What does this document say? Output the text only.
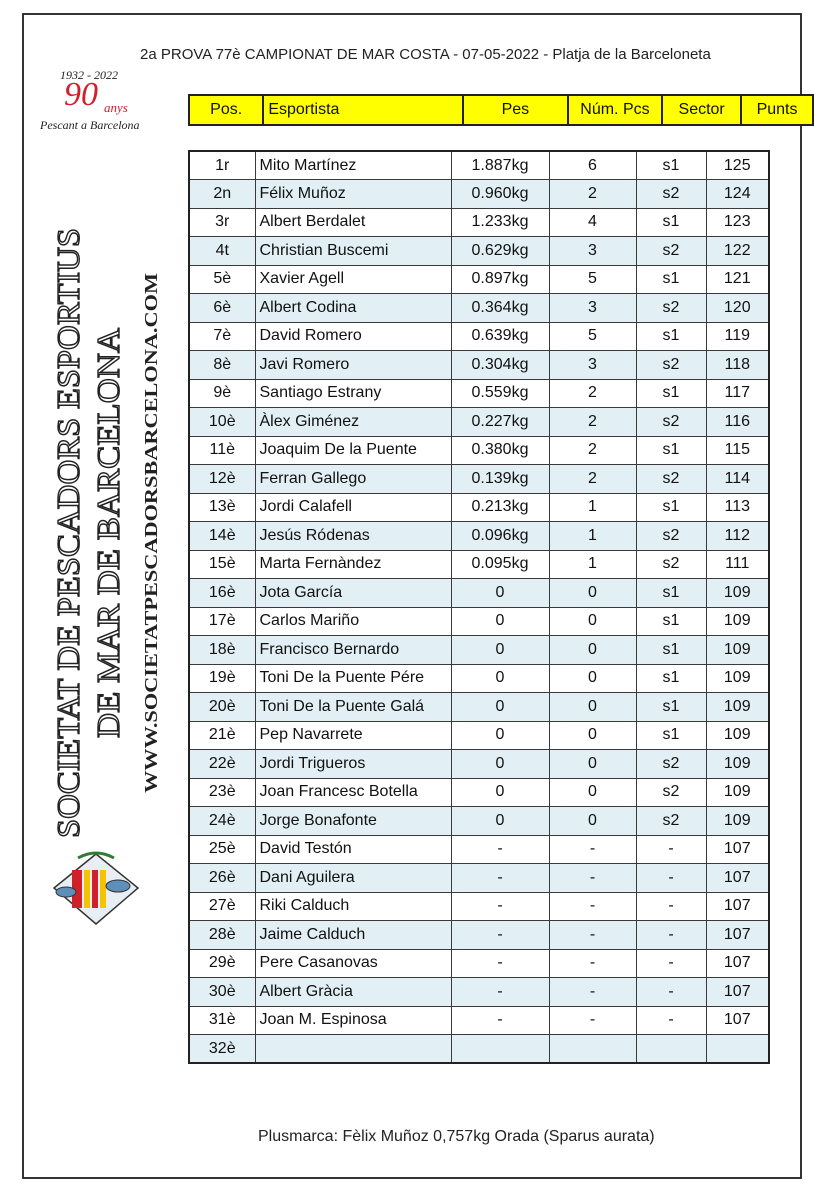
2a PROVA 77è CAMPIONAT DE MAR COSTA - 07-05-2022 - Platja de la Barceloneta
1932 - 2022
90 anys
Pescant a Barcelona
SOCIETAT DE PESCADORS ESPORTIUS DE MAR DE BARCELONA WWW.SOCIETATPESCADORSBARCELONA.COM
Pos.	Esportista	Pes	Núm. Pcs	Sector	Punts
1r	Mito Martínez	1.887kg	6	s1	125
2n	Félix Muñoz	0.960kg	2	s2	124
3r	Albert Berdalet	1.233kg	4	s1	123
4t	Christian Buscemi	0.629kg	3	s2	122
5è	Xavier Agell	0.897kg	5	s1	121
6è	Albert Codina	0.364kg	3	s2	120
7è	David Romero	0.639kg	5	s1	119
8è	Javi Romero	0.304kg	3	s2	118
9è	Santiago Estrany	0.559kg	2	s1	117
10è	Àlex Giménez	0.227kg	2	s2	116
11è	Joaquim De la Puente	0.380kg	2	s1	115
12è	Ferran Gallego	0.139kg	2	s2	114
13è	Jordi Calafell	0.213kg	1	s1	113
14è	Jesús Ródenas	0.096kg	1	s2	112
15è	Marta Fernàndez	0.095kg	1	s2	111
16è	Jota García	0	0	s1	109
17è	Carlos Mariño	0	0	s1	109
18è	Francisco Bernardo	0	0	s1	109
19è	Toni De la Puente Pére	0	0	s1	109
20è	Toni De la Puente Galá	0	0	s1	109
21è	Pep Navarrete	0	0	s1	109
22è	Jordi Trigueros	0	0	s2	109
23è	Joan Francesc Botella	0	0	s2	109
24è	Jorge Bonafonte	0	0	s2	109
25è	David Testón	-	-	-	107
26è	Dani Aguilera	-	-	-	107
27è	Riki Calduch	-	-	-	107
28è	Jaime Calduch	-	-	-	107
29è	Pere Casanovas	-	-	-	107
30è	Albert Gràcia	-	-	-	107
31è	Joan M. Espinosa	-	-	-	107
32è					
Plusmarca: Fèlix Muñoz 0,757kg Orada (Sparus aurata)
